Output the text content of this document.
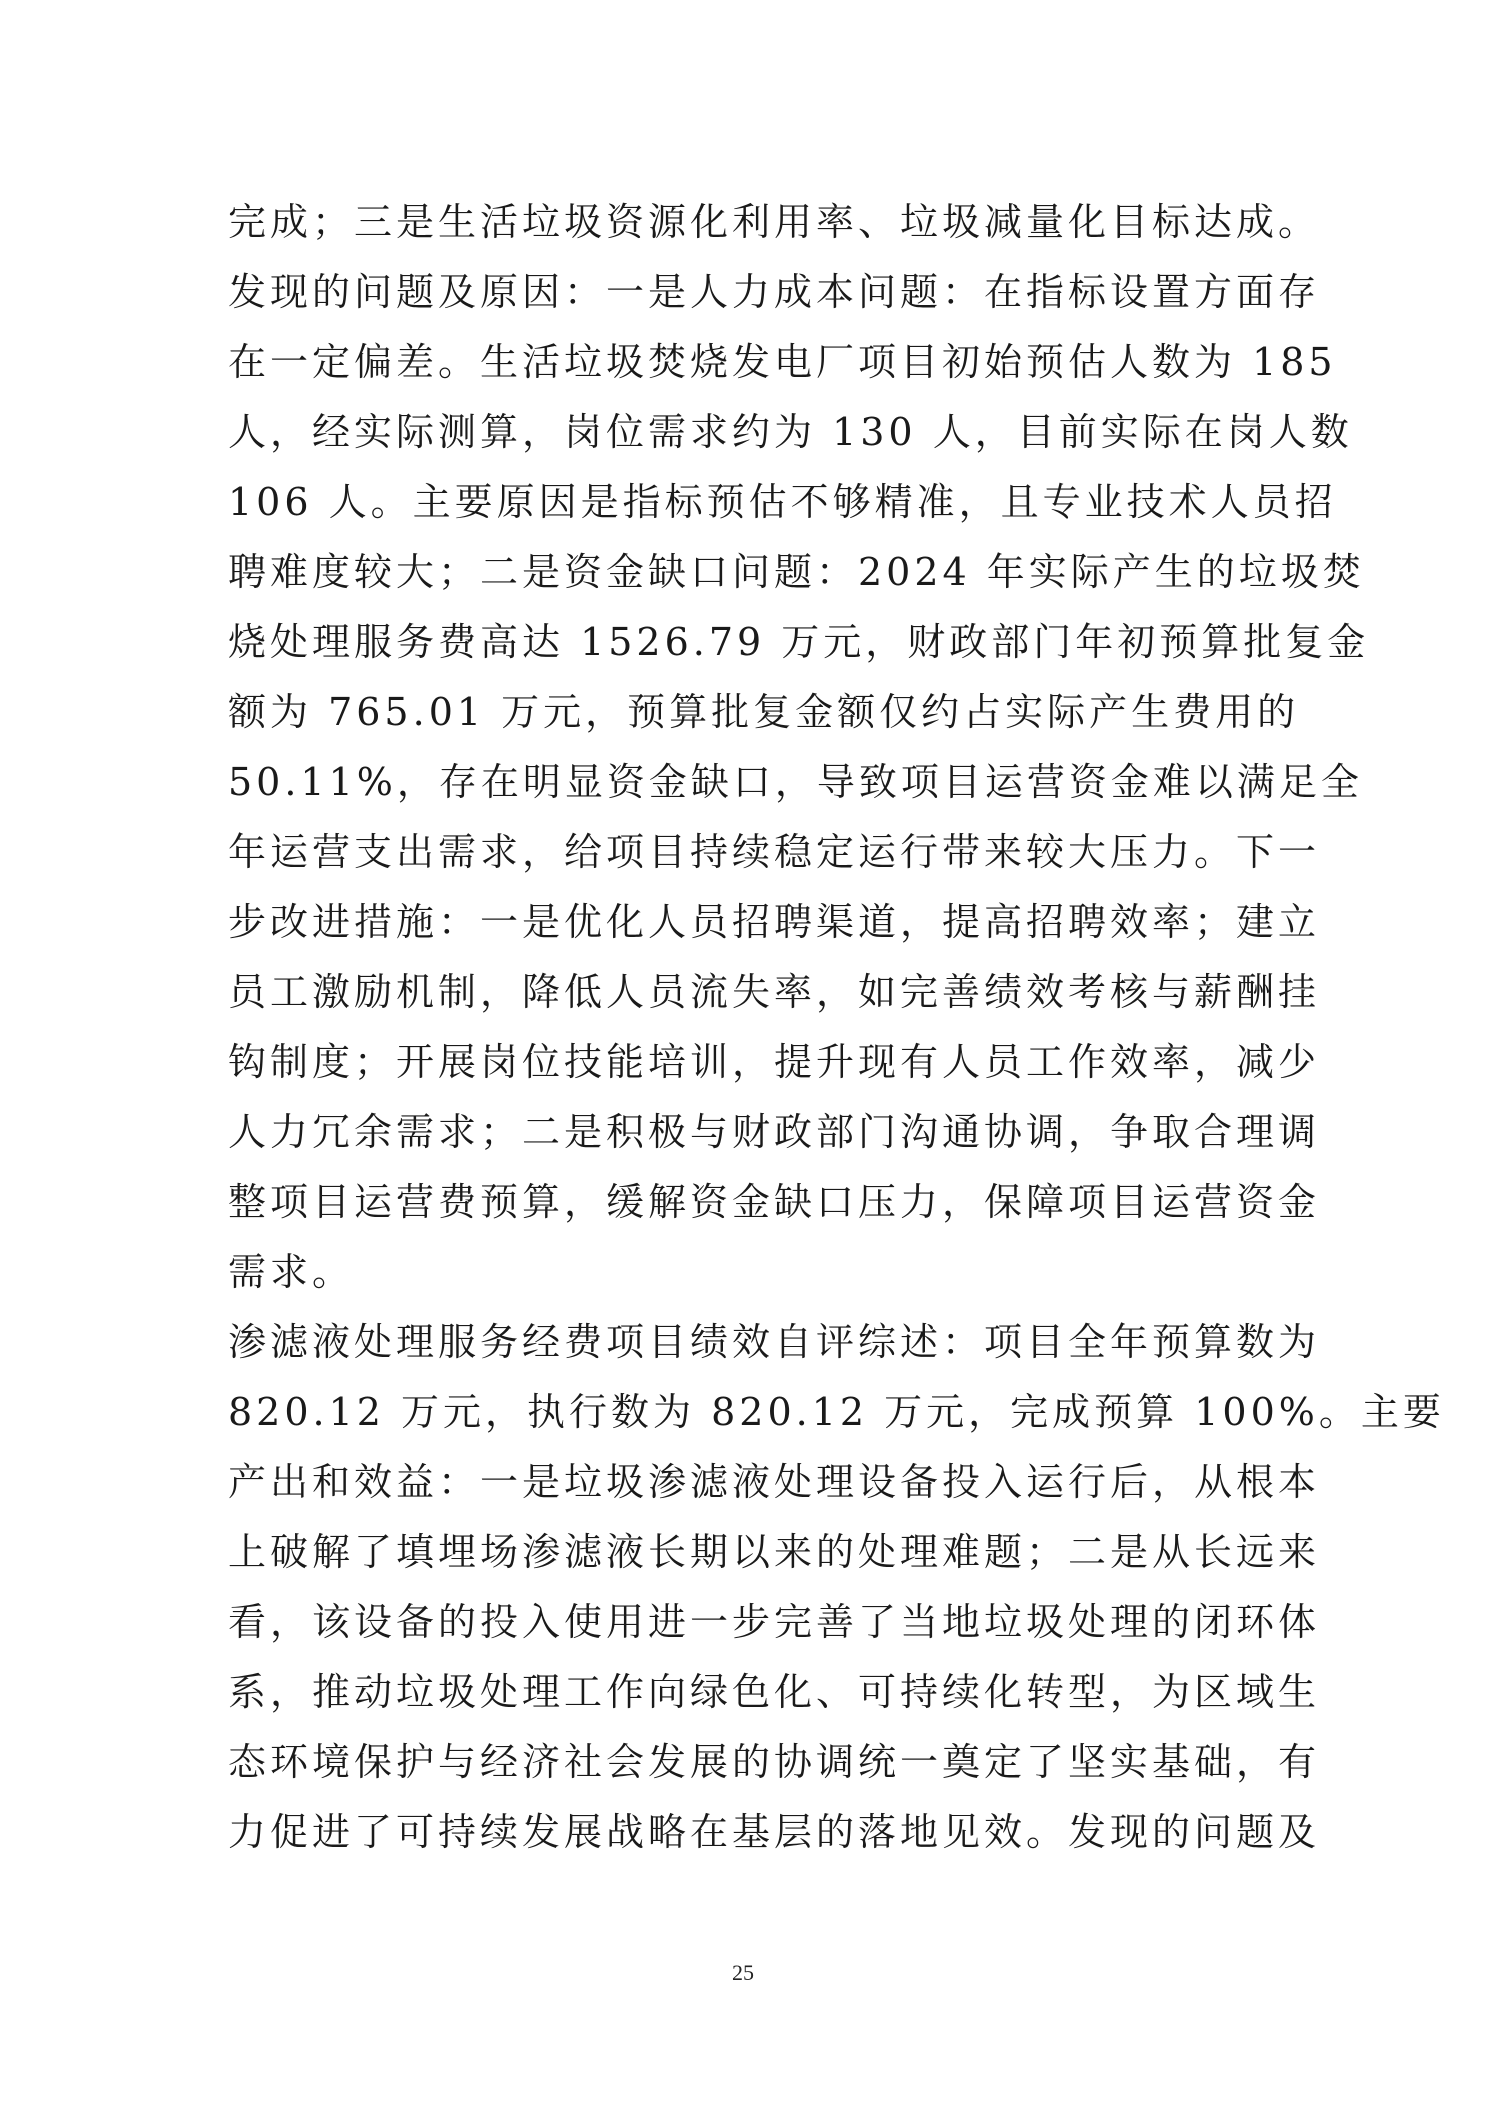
完成；三是生活垃圾资源化利用率、垃圾减量化目标达成。
发现的问题及原因：一是人力成本问题：在指标设置方面存
在一定偏差。生活垃圾焚烧发电厂项目初始预估人数为 185
人，经实际测算，岗位需求约为 130 人，目前实际在岗人数
106 人。主要原因是指标预估不够精准，且专业技术人员招
聘难度较大；二是资金缺口问题：2024 年实际产生的垃圾焚
烧处理服务费高达 1526.79 万元，财政部门年初预算批复金
额为 765.01 万元，预算批复金额仅约占实际产生费用的
50.11%，存在明显资金缺口，导致项目运营资金难以满足全
年运营支出需求，给项目持续稳定运行带来较大压力。下一
步改进措施：一是优化人员招聘渠道，提高招聘效率；建立
员工激励机制，降低人员流失率，如完善绩效考核与薪酬挂
钩制度；开展岗位技能培训，提升现有人员工作效率，减少
人力冗余需求；二是积极与财政部门沟通协调，争取合理调
整项目运营费预算，缓解资金缺口压力，保障项目运营资金
需求。
渗滤液处理服务经费项目绩效自评综述：项目全年预算数为
820.12 万元，执行数为 820.12 万元，完成预算 100%。主要
产出和效益：一是垃圾渗滤液处理设备投入运行后，从根本
上破解了填埋场渗滤液长期以来的处理难题；二是从长远来
看，该设备的投入使用进一步完善了当地垃圾处理的闭环体
系，推动垃圾处理工作向绿色化、可持续化转型，为区域生
态环境保护与经济社会发展的协调统一奠定了坚实基础，有
力促进了可持续发展战略在基层的落地见效。发现的问题及
25
